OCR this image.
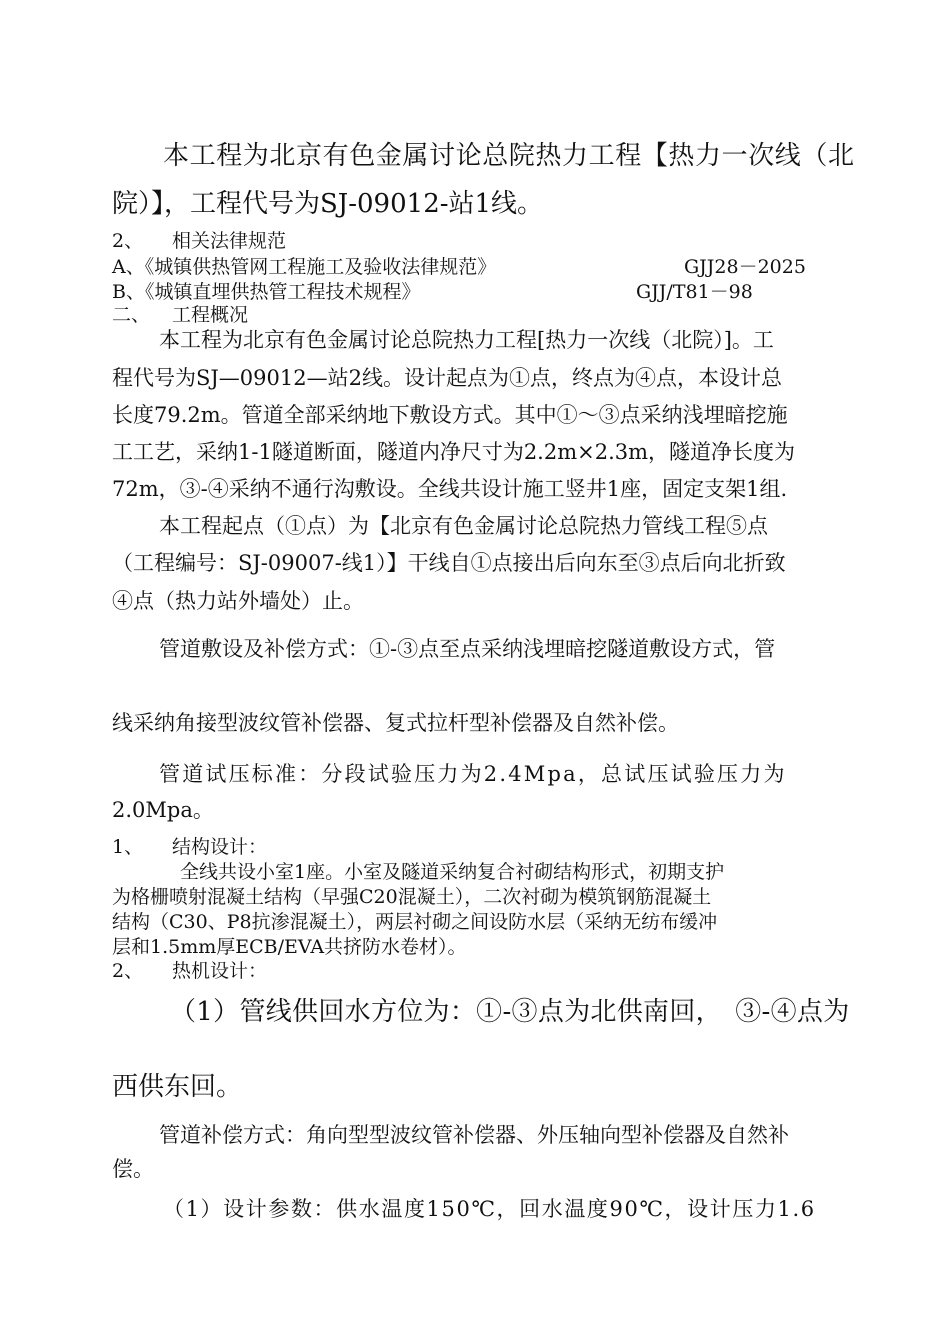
本工程为北京有色金属讨论总院热力工程【热力一次线（北
院）】，工程代号为SJ-09012-站1线。
2、 相关法律规范
A、《城镇供热管网工程施工及验收法律规范》	GJJ28－2025
B、《城镇直埋供热管工程技术规程》	GJJ/T81－98
二、 工程概况
本工程为北京有色金属讨论总院热力工程[热力一次线（北院）]。工
程代号为SJ—09012—站2线。设计起点为①点，终点为④点，本设计总
长度79.2m。管道全部采纳地下敷设方式。其中①～③点采纳浅埋暗挖施
工工艺，采纳1-1隧道断面，隧道内净尺寸为2.2m×2.3m，隧道净长度为
72m，③-④采纳不通行沟敷设。全线共设计施工竖井1座，固定支架1组.
本工程起点（①点）为【北京有色金属讨论总院热力管线工程⑤点
（工程编号：SJ-09007-线1）】干线自①点接出后向东至③点后向北折致
④点（热力站外墙处）止。
管道敷设及补偿方式：①-③点至点采纳浅埋暗挖隧道敷设方式，管
线采纳角接型波纹管补偿器、复式拉杆型补偿器及自然补偿。
管道试压标准：分段试验压力为2.4Mpa，总试压试验压力为
2.0Mpa。
1、 结构设计：
全线共设小室1座。小室及隧道采纳复合衬砌结构形式，初期支护
为格栅喷射混凝土结构（早强C20混凝土），二次衬砌为模筑钢筋混凝土
结构（C30、P8抗渗混凝土），两层衬砌之间设防水层（采纳无纺布缓冲
层和1.5mm厚ECB/EVA共挤防水卷材）。
2、 热机设计：
（1）管线供回水方位为：①-③点为北供南回，　③-④点为
西供东回。
管道补偿方式：角向型型波纹管补偿器、外压轴向型补偿器及自然补
偿。
（1）设计参数：供水温度150℃，回水温度90℃，设计压力1.6
